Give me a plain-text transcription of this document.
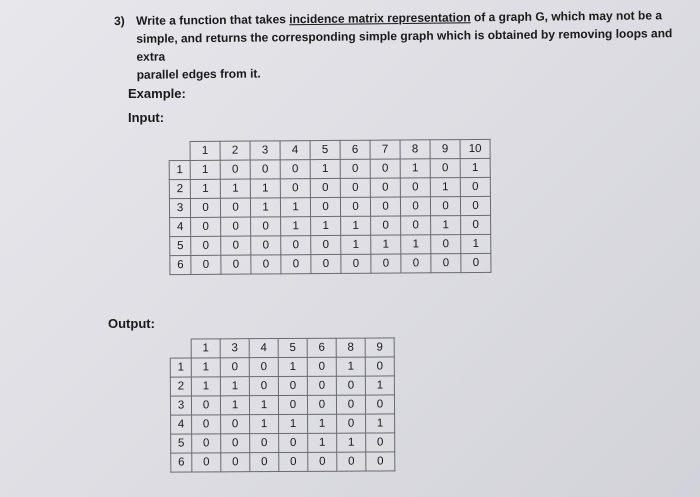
3) Write a function that takes incidence matrix representation of a graph G, which may not be a
simple, and returns the corresponding simple graph which is obtained by removing loops and extra
parallel edges from it.
Example:
Input:
Output:
	1	2	3	4	5	6	7	8	9	10
1	1	0	0	0	1	0	0	1	0	1
2	1	1	1	0	0	0	0	0	1	0
3	0	0	1	1	0	0	0	0	0	0
4	0	0	0	1	1	1	0	0	1	0
5	0	0	0	0	0	1	1	1	0	1
6	0	0	0	0	0	0	0	0	0	0
	1	3	4	5	6	8	9
1	1	0	0	1	0	1	0
2	1	1	0	0	0	0	1
3	0	1	1	0	0	0	0
4	0	0	1	1	1	0	1
5	0	0	0	0	1	1	0
6	0	0	0	0	0	0	0
